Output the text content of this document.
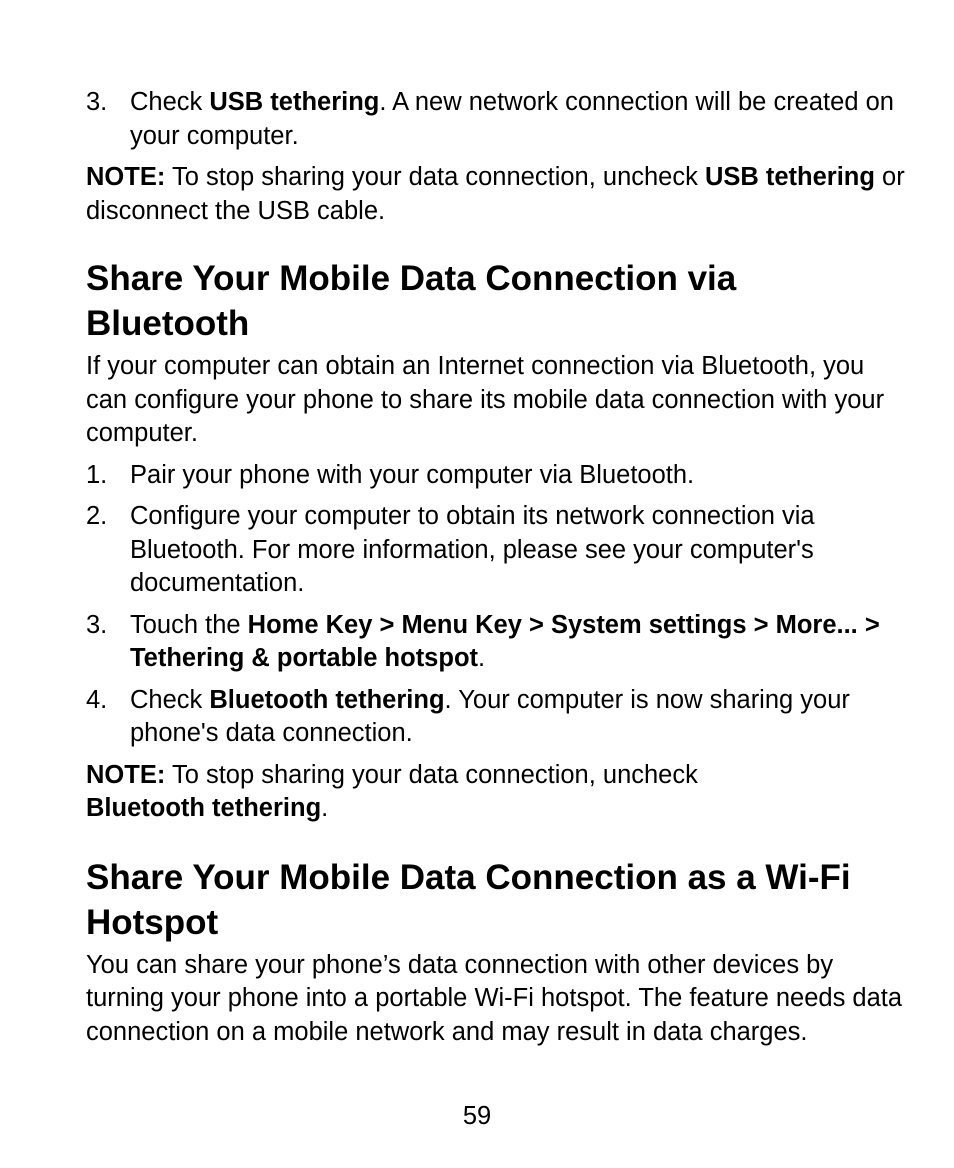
3. Check USB tethering. A new network connection will be created on your computer.

NOTE: To stop sharing your data connection, uncheck USB tethering or disconnect the USB cable.

Share Your Mobile Data Connection via Bluetooth

If your computer can obtain an Internet connection via Bluetooth, you can configure your phone to share its mobile data connection with your computer.

1. Pair your phone with your computer via Bluetooth.
2. Configure your computer to obtain its network connection via Bluetooth. For more information, please see your computer's documentation.
3. Touch the Home Key > Menu Key > System settings > More... > Tethering & portable hotspot.
4. Check Bluetooth tethering. Your computer is now sharing your phone's data connection.

NOTE: To stop sharing your data connection, uncheck
Bluetooth tethering.

Share Your Mobile Data Connection as a Wi-Fi Hotspot

You can share your phone’s data connection with other devices by turning your phone into a portable Wi-Fi hotspot. The feature needs data connection on a mobile network and may result in data charges.

59
